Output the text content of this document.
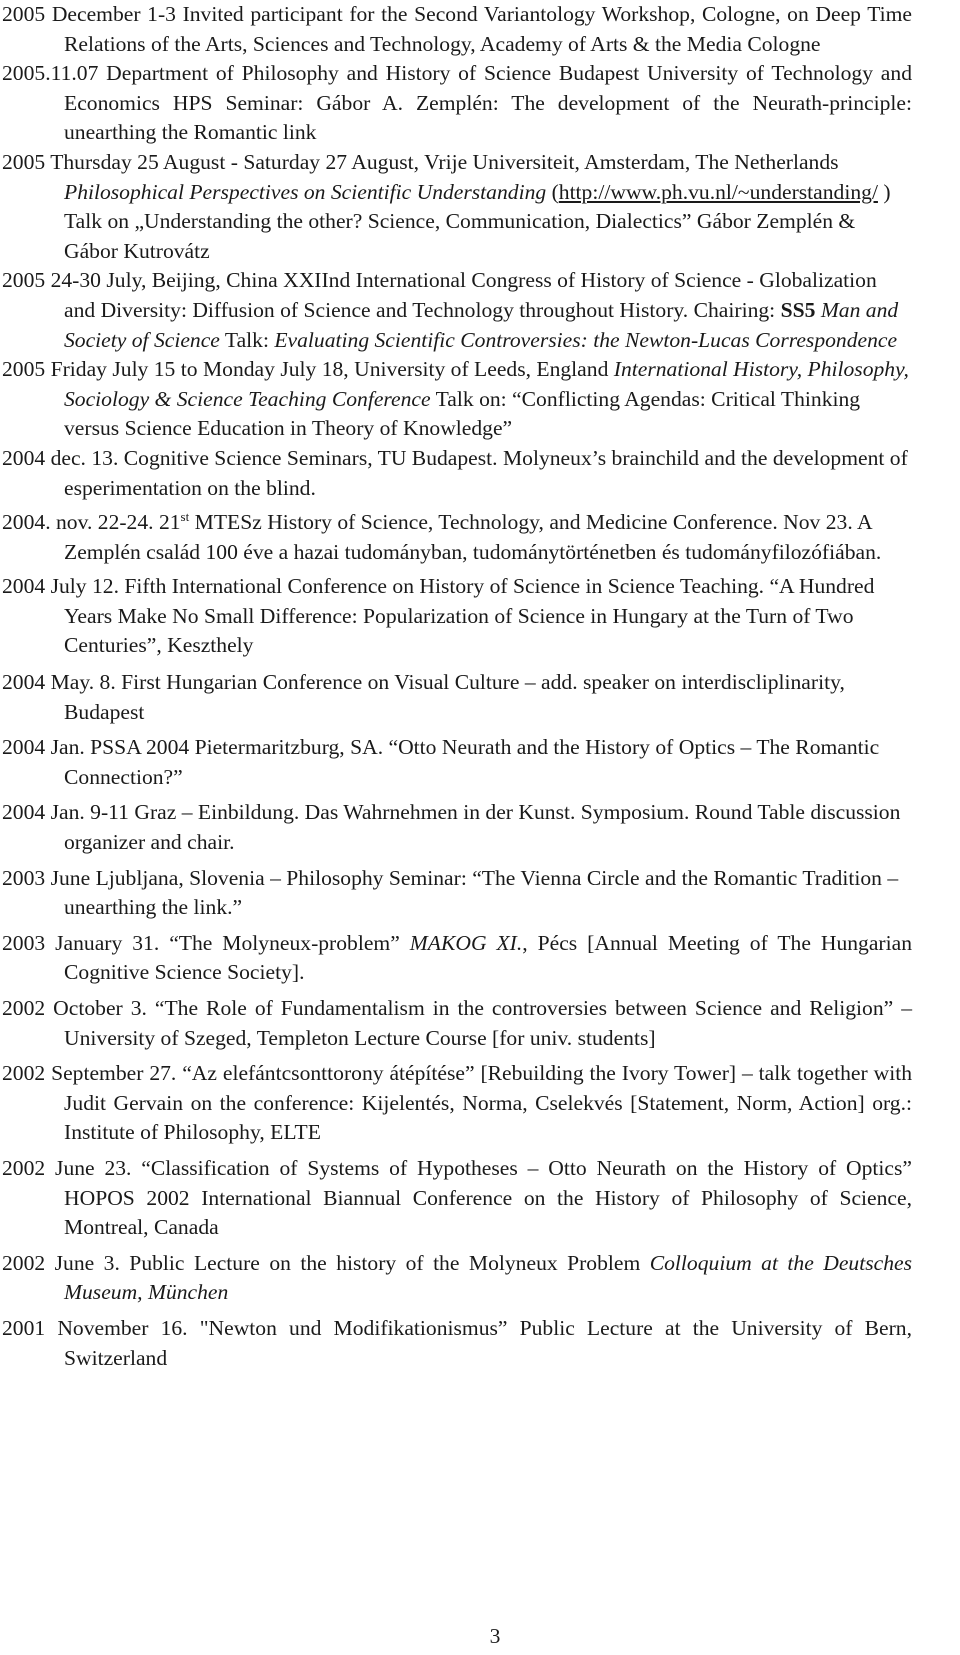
2005 December 1-3 Invited participant for the Second Variantology Workshop, Cologne, on Deep Time Relations of the Arts, Sciences and Technology, Academy of Arts & the Media Cologne

2005.11.07 Department of Philosophy and History of Science Budapest University of Technology and Economics HPS Seminar: Gábor A. Zemplén: The development of the Neurath-principle: unearthing the Romantic link

2005 Thursday 25 August - Saturday 27 August, Vrije Universiteit, Amsterdam, The Netherlands Philosophical Perspectives on Scientific Understanding (http://www.ph.vu.nl/~understanding/ ) Talk on „Understanding the other? Science, Communication, Dialectics” Gábor Zemplén & Gábor Kutrovátz

2005 24-30 July, Beijing, China XXIInd International Congress of History of Science - Globalization and Diversity: Diffusion of Science and Technology throughout History. Chairing: SS5 Man and Society of Science Talk: Evaluating Scientific Controversies: the Newton-Lucas Correspondence

2005 Friday July 15 to Monday July 18, University of Leeds, England International History, Philosophy, Sociology & Science Teaching Conference Talk on: “Conflicting Agendas: Critical Thinking versus Science Education in Theory of Knowledge”

2004 dec. 13. Cognitive Science Seminars, TU Budapest. Molyneux’s brainchild and the development of esperimentation on the blind.

2004. nov. 22-24. 21st MTESz History of Science, Technology, and Medicine Conference. Nov 23. A Zemplén család 100 éve a hazai tudományban, tudománytörténetben és tudományfilozófiában.

2004 July 12. Fifth International Conference on History of Science in Science Teaching. “A Hundred Years Make No Small Difference: Popularization of Science in Hungary at the Turn of Two Centuries”, Keszthely

2004 May. 8. First Hungarian Conference on Visual Culture – add. speaker on interdiscliplinarity, Budapest

2004 Jan. PSSA 2004 Pietermaritzburg, SA. “Otto Neurath and the History of Optics – The Romantic Connection?”

2004 Jan. 9-11 Graz – Einbildung. Das Wahrnehmen in der Kunst. Symposium. Round Table discussion organizer and chair.

2003 June Ljubljana, Slovenia – Philosophy Seminar: “The Vienna Circle and the Romantic Tradition – unearthing the link.”

2003 January 31. “The Molyneux-problem” MAKOG XI., Pécs [Annual Meeting of The Hungarian Cognitive Science Society].

2002 October 3. “The Role of Fundamentalism in the controversies between Science and Religion” – University of Szeged, Templeton Lecture Course [for univ. students]

2002 September 27. “Az elefántcsonttorony átépítése” [Rebuilding the Ivory Tower] – talk together with Judit Gervain on the conference: Kijelentés, Norma, Cselekvés [Statement, Norm, Action] org.: Institute of Philosophy, ELTE

2002 June 23. “Classification of Systems of Hypotheses – Otto Neurath on the History of Optics” HOPOS 2002 International Biannual Conference on the History of Philosophy of Science, Montreal, Canada

2002 June 3. Public Lecture on the history of the Molyneux Problem Colloquium at the Deutsches Museum, München

2001 November 16. "Newton und Modifikationismus” Public Lecture at the University of Bern, Switzerland

3
